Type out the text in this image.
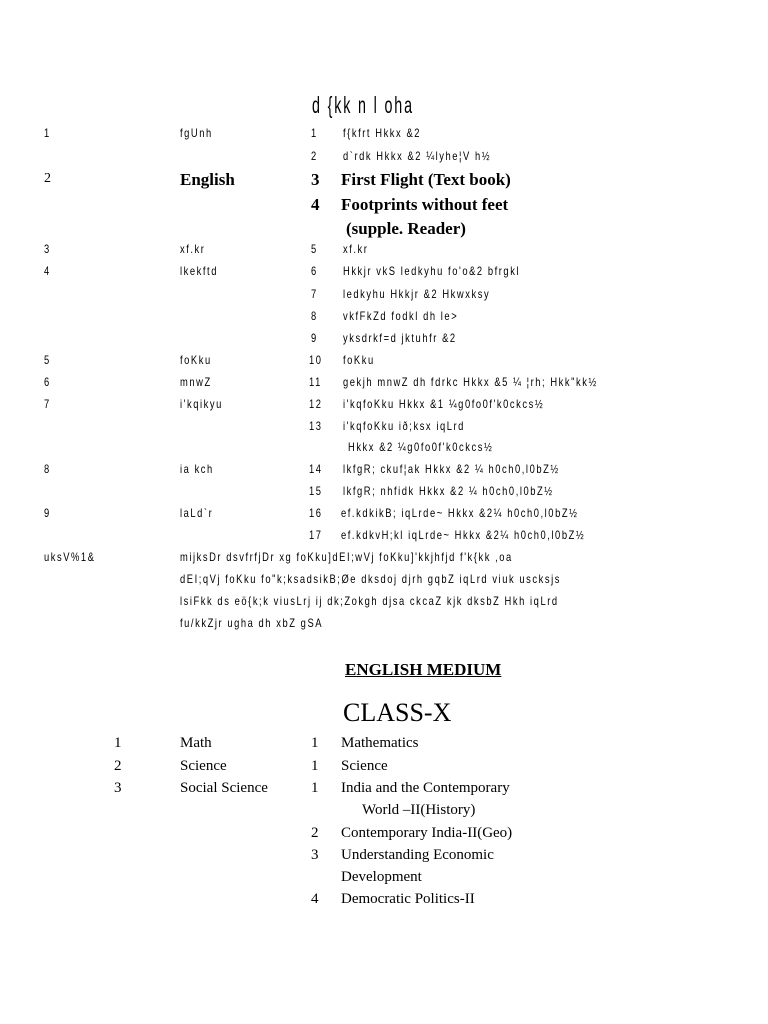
d {kk n l oha
1	fgUnh	1 f{kfrt Hkkx &2
2 d`rdk Hkkx &2 ¼lyhe¦V h½
2	English	3 First Flight (Text book)
4 Footprints without feet
(supple. Reader)
3	xf.kr	5 xf.kr
4	lkekftd	6 Hkkjr vkS ledkyhu fo'o&2 bfrgkl
7 ledkyhu Hkkjr &2 Hkwxksy
8 vkfFkZd fodkl dh le>
9 yksdrkf=d jktuhfr &2
5	foKku	10 foKku
6	mnwZ	11 gekjh mnwZ dh fdrkc Hkkx &5 ¼ ¦rh; Hkk"kk½
7	i'kqikyu	12 i'kqfoKku Hkkx &1 ¼g0fo0f'k0ckcs½
13 i'kqfoKku ið;ksx iqLrd
Hkkx &2 ¼g0fo0f'k0ckcs½
8	ia kch	14 lkfgR; ckuf¦ak Hkkx &2 ¼ h0ch0,l0bZ½
15 lkfgR; nhfidk Hkkx &2 ¼ h0ch0,l0bZ½
9	laLd`r	16 ef.kdkikB; iqLrde~ Hkkx &2¼ h0ch0,l0bZ½
17 ef.kdkvH;kl iqLrde~ Hkkx &2¼ h0ch0,l0bZ½
uksV%1&	mijksDr dsvfrfjDr xg foKku]dEI;wVj foKku]'kkjhfjd f'k{kk ,oa
dEI;qVj foKku fo"k;ksadsikB;Øe dksdoj djrh gqbZ iqLrd viuk uscksjs
lsiFkk ds eö{k;k viusLrj ij dk;Zokgh djsa ckcaZ kjk dksbZ Hkh iqLrd
fu/kkZjr ugha dh xbZ gSA
ENGLISH MEDIUM
CLASS-X
1	Math	1 Mathematics
2	Science	1 Science
3	Social Science	1 India and the Contemporary
World –II(History)
2 Contemporary India-II(Geo)
3 Understanding Economic
Development
4 Democratic Politics-II
